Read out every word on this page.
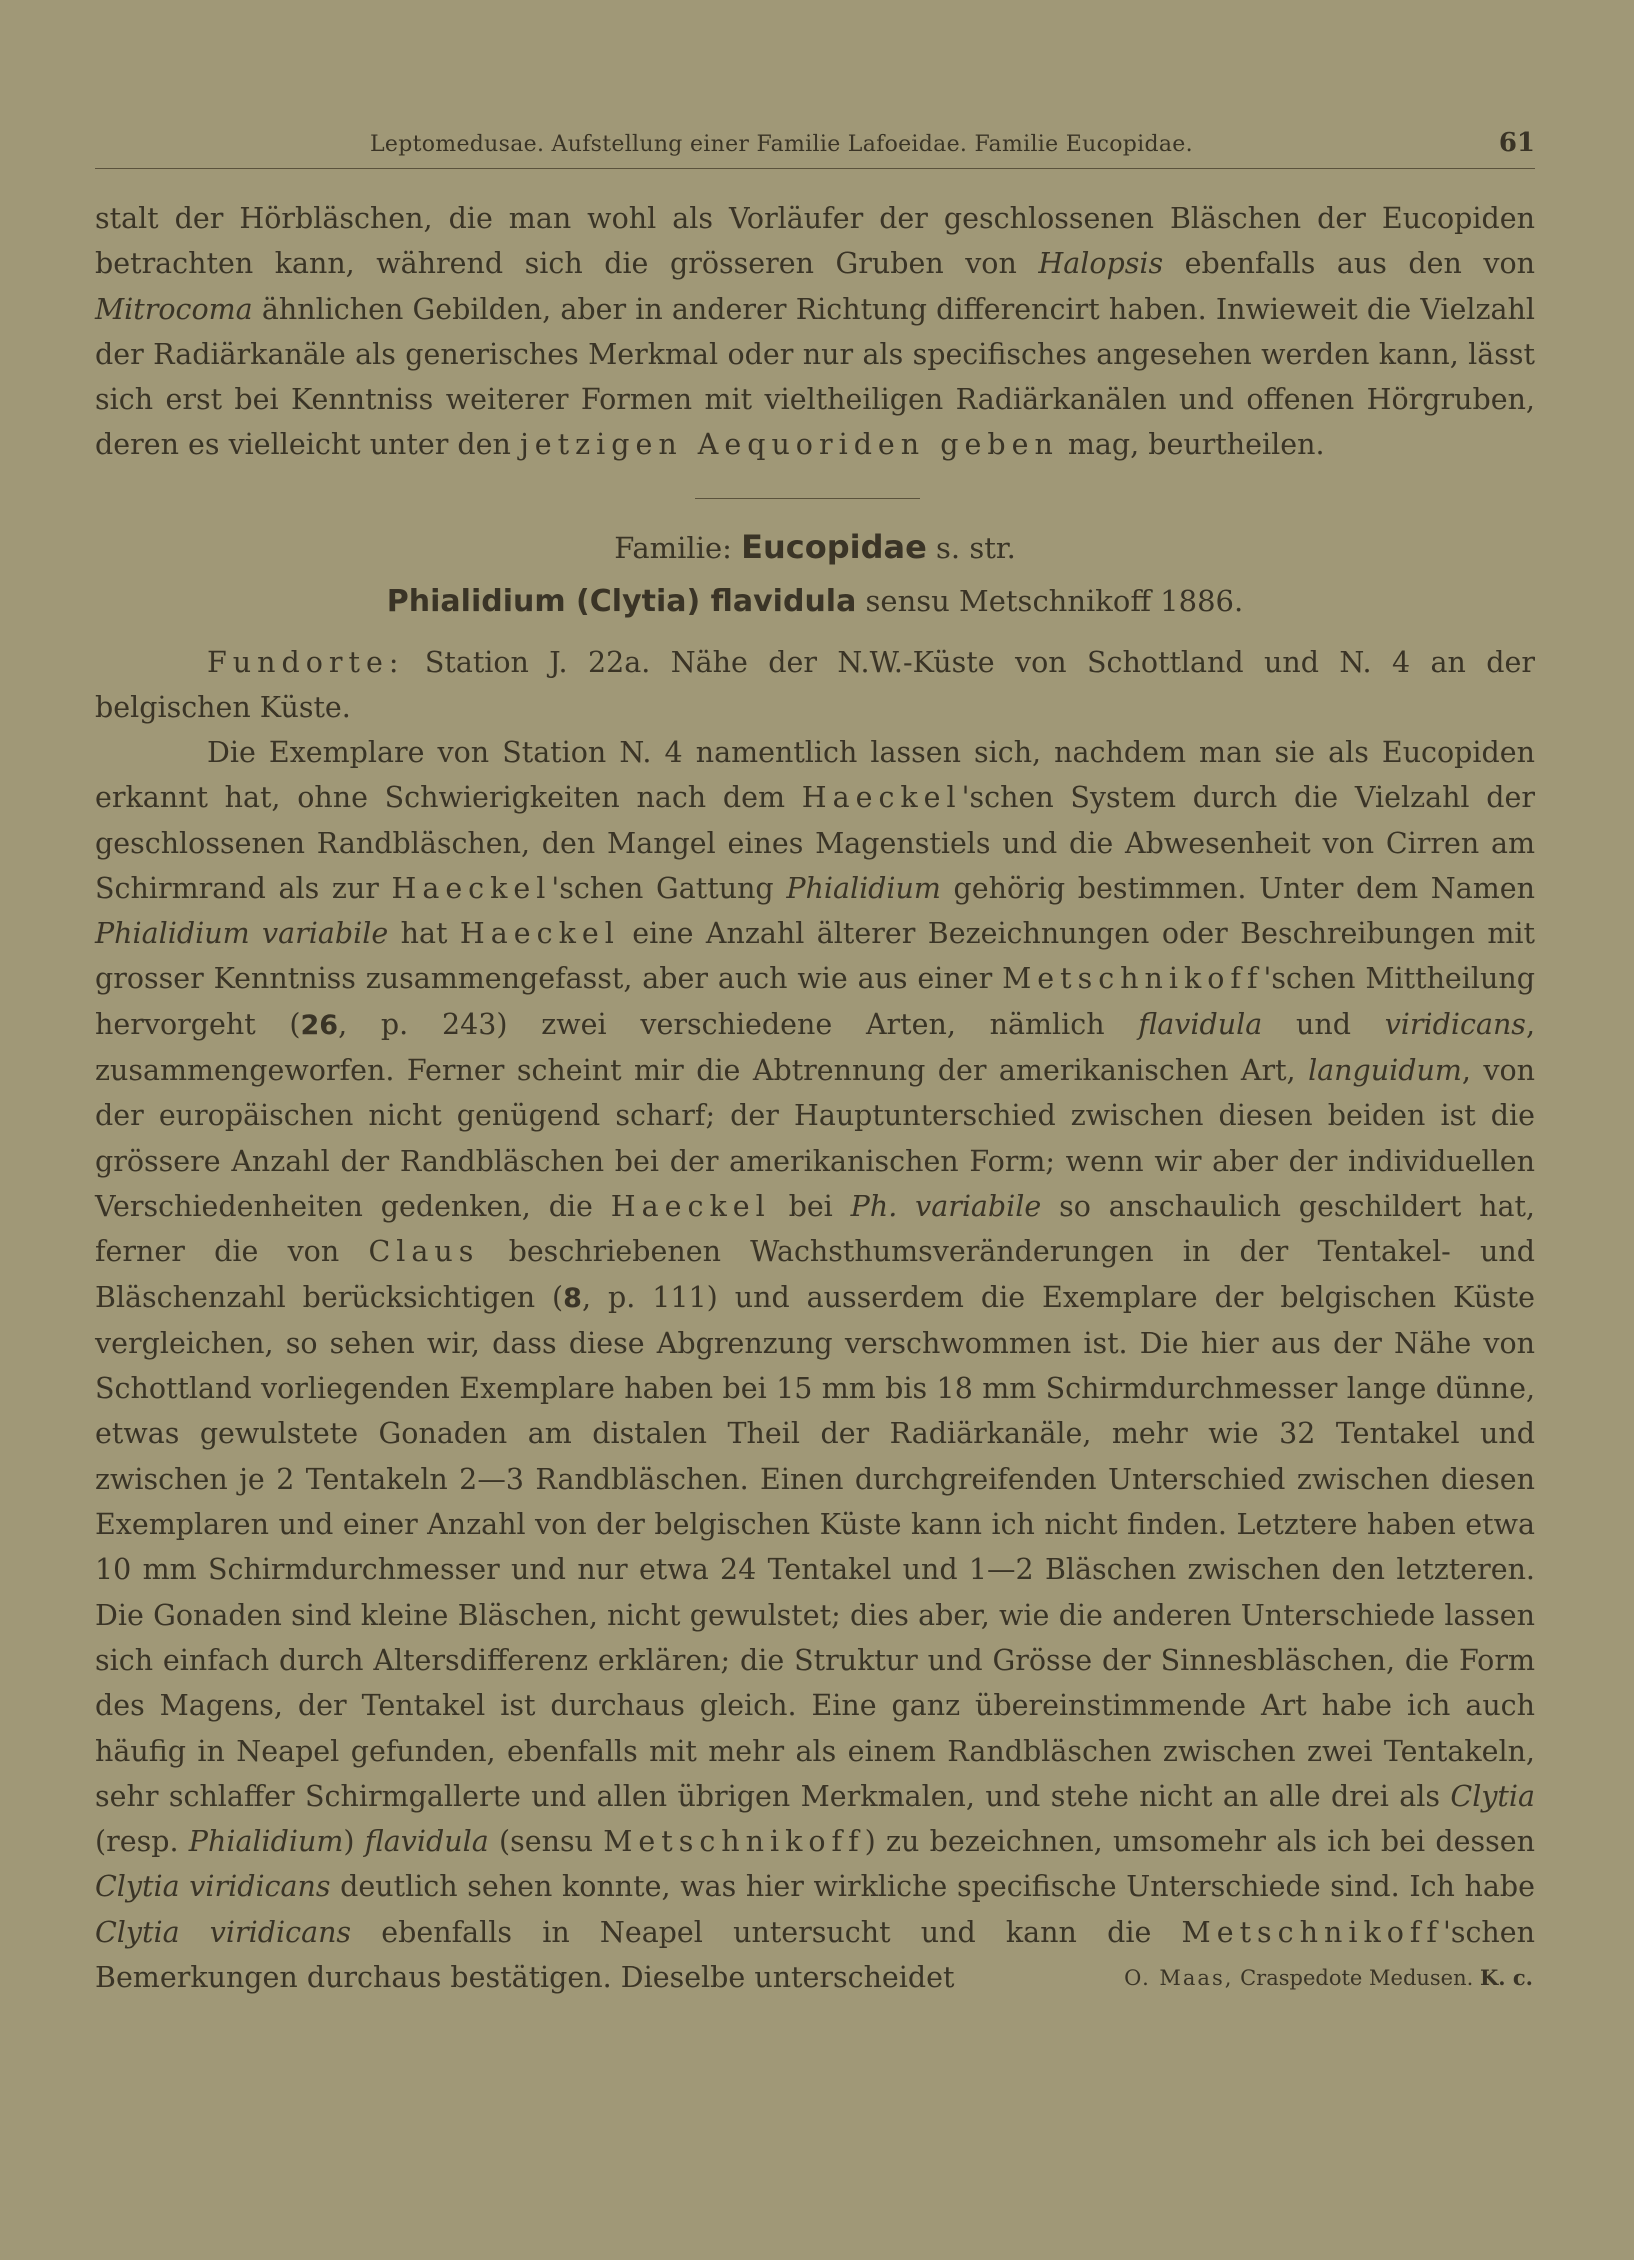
Leptomedusae. Aufstellung einer Familie Lafoeidae. Familie Eucopidae.	61

stalt der Hörbläschen, die man wohl als Vorläufer der geschlossenen Bläschen der Eucopiden betrachten kann, während sich die grösseren Gruben von Halopsis ebenfalls aus den von Mitrocoma ähnlichen Gebilden, aber in anderer Richtung differencirt haben. Inwieweit die Vielzahl der Radiärkanäle als generisches Merkmal oder nur als specifisches angesehen werden kann, lässt sich erst bei Kenntniss weiterer Formen mit vieltheiligen Radiärkanälen und offenen Hörgruben, deren es vielleicht unter den jetzigen Aequoriden geben mag, beurtheilen.

Familie: Eucopidae s. str.
Phialidium (Clytia) flavidula sensu Metschnikoff 1886.

Fundorte: Station J. 22a. Nähe der N.W.-Küste von Schottland und N. 4 an der belgischen Küste.

Die Exemplare von Station N. 4 namentlich lassen sich, nachdem man sie als Eucopiden erkannt hat, ohne Schwierigkeiten nach dem Haeckel'schen System durch die Vielzahl der geschlossenen Randbläschen, den Mangel eines Magenstiels und die Abwesenheit von Cirren am Schirmrand als zur Haeckel'schen Gattung Phialidium gehörig bestimmen. Unter dem Namen Phialidium variabile hat Haeckel eine Anzahl älterer Bezeichnungen oder Beschreibungen mit grosser Kenntniss zusammengefasst, aber auch wie aus einer Metschnikoff'schen Mittheilung hervorgeht (26, p. 243) zwei verschiedene Arten, nämlich flavidula und viridicans, zusammengeworfen. Ferner scheint mir die Abtrennung der amerikanischen Art, languidum, von der europäischen nicht genügend scharf; der Hauptunterschied zwischen diesen beiden ist die grössere Anzahl der Randbläschen bei der amerikanischen Form; wenn wir aber der individuellen Verschiedenheiten gedenken, die Haeckel bei Ph. variabile so anschaulich geschildert hat, ferner die von Claus beschriebenen Wachsthumsveränderungen in der Tentakel- und Bläschenzahl berücksichtigen (8, p. 111) und ausserdem die Exemplare der belgischen Küste vergleichen, so sehen wir, dass diese Abgrenzung verschwommen ist. Die hier aus der Nähe von Schottland vorliegenden Exemplare haben bei 15 mm bis 18 mm Schirmdurchmesser lange dünne, etwas gewulstete Gonaden am distalen Theil der Radiärkanäle, mehr wie 32 Tentakel und zwischen je 2 Tentakeln 2—3 Randbläschen. Einen durchgreifenden Unterschied zwischen diesen Exemplaren und einer Anzahl von der belgischen Küste kann ich nicht finden. Letztere haben etwa 10 mm Schirmdurchmesser und nur etwa 24 Tentakel und 1—2 Bläschen zwischen den letzteren. Die Gonaden sind kleine Bläschen, nicht gewulstet; dies aber, wie die anderen Unterschiede lassen sich einfach durch Altersdifferenz erklären; die Struktur und Grösse der Sinnesbläschen, die Form des Magens, der Tentakel ist durchaus gleich. Eine ganz übereinstimmende Art habe ich auch häufig in Neapel gefunden, ebenfalls mit mehr als einem Randbläschen zwischen zwei Tentakeln, sehr schlaffer Schirmgallerte und allen übrigen Merkmalen, und stehe nicht an alle drei als Clytia (resp. Phialidium) flavidula (sensu Metschnikoff) zu bezeichnen, umsomehr als ich bei dessen Clytia viridicans deutlich sehen konnte, was hier wirkliche specifische Unterschiede sind. Ich habe Clytia viridicans ebenfalls in Neapel untersucht und kann die Metschnikoff'schen Bemerkungen durchaus bestätigen. Dieselbe unterscheidet	O. Maas, Craspedote Medusen. K. c.
